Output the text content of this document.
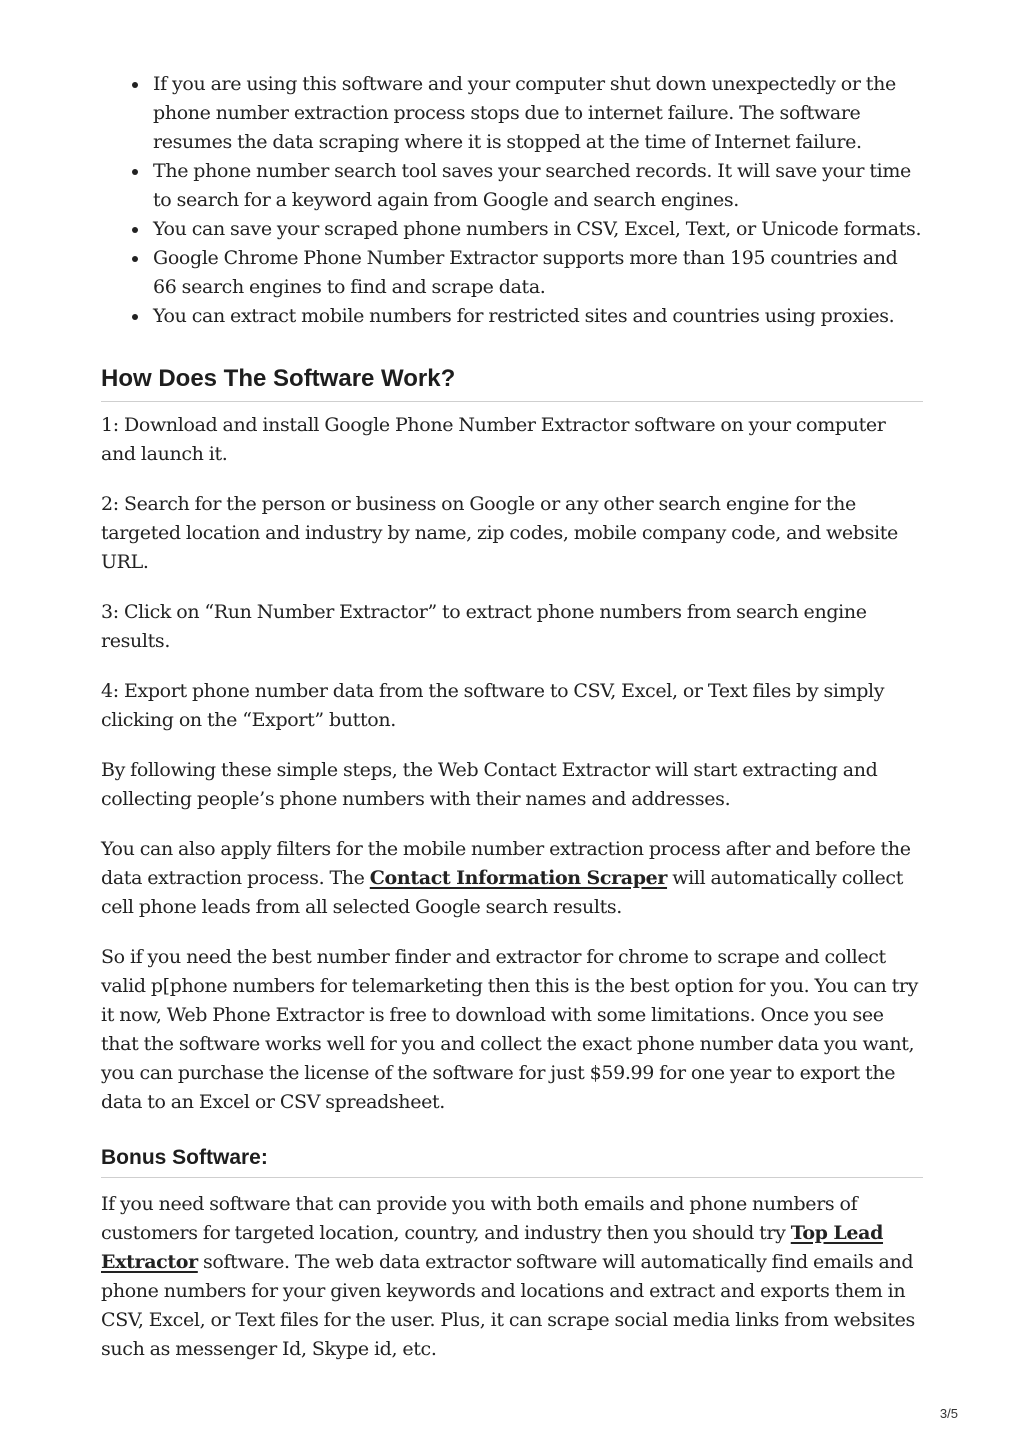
If you are using this software and your computer shut down unexpectedly or the phone number extraction process stops due to internet failure. The software resumes the data scraping where it is stopped at the time of Internet failure.
The phone number search tool saves your searched records. It will save your time to search for a keyword again from Google and search engines.
You can save your scraped phone numbers in CSV, Excel, Text, or Unicode formats.
Google Chrome Phone Number Extractor supports more than 195 countries and 66 search engines to find and scrape data.
You can extract mobile numbers for restricted sites and countries using proxies.
How Does The Software Work?

1: Download and install Google Phone Number Extractor software on your computer and launch it.

2: Search for the person or business on Google or any other search engine for the targeted location and industry by name, zip codes, mobile company code, and website URL.

3: Click on “Run Number Extractor” to extract phone numbers from search engine results.

4: Export phone number data from the software to CSV, Excel, or Text files by simply clicking on the “Export” button.

By following these simple steps, the Web Contact Extractor will start extracting and collecting people’s phone numbers with their names and addresses.

You can also apply filters for the mobile number extraction process after and before the data extraction process. The Contact Information Scraper will automatically collect cell phone leads from all selected Google search results.

So if you need the best number finder and extractor for chrome to scrape and collect valid p[phone numbers for telemarketing then this is the best option for you. You can try it now, Web Phone Extractor is free to download with some limitations. Once you see that the software works well for you and collect the exact phone number data you want, you can purchase the license of the software for just $59.99 for one year to export the data to an Excel or CSV spreadsheet.

Bonus Software:

If you need software that can provide you with both emails and phone numbers of customers for targeted location, country, and industry then you should try Top Lead Extractor software. The web data extractor software will automatically find emails and phone numbers for your given keywords and locations and extract and exports them in CSV, Excel, or Text files for the user. Plus, it can scrape social media links from websites such as messenger Id, Skype id, etc.

3/5
